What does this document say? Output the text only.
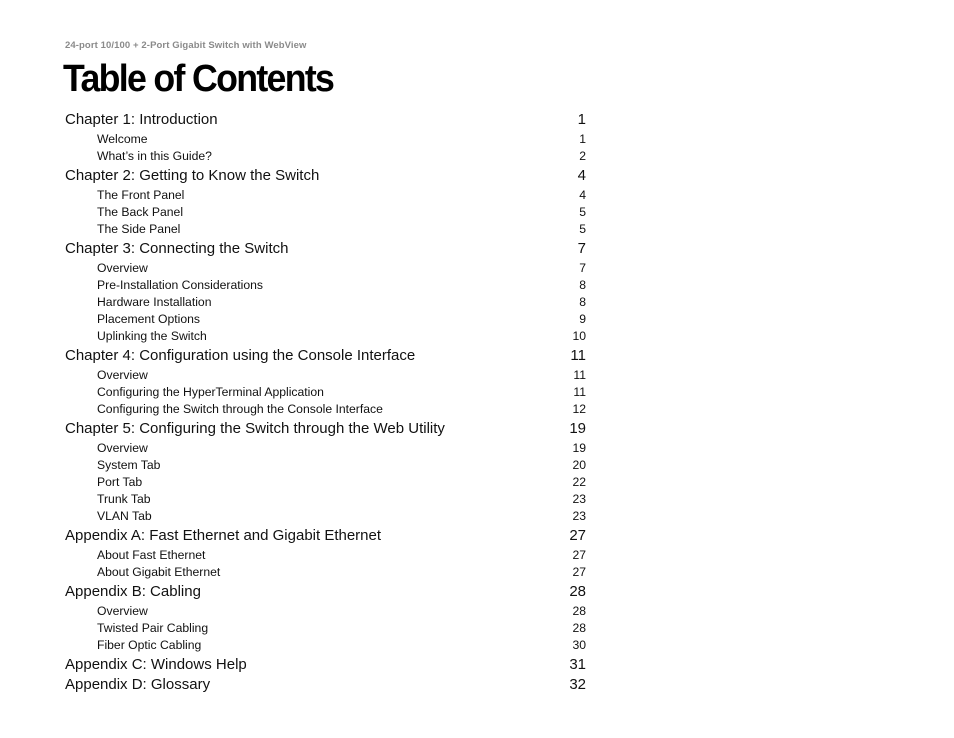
24-port 10/100 + 2-Port Gigabit Switch with WebView
Table of Contents
Chapter 1: Introduction	1
Welcome	1
What’s in this Guide?	2
Chapter 2: Getting to Know the Switch	4
The Front Panel	4
The Back Panel	5
The Side Panel	5
Chapter 3: Connecting the Switch	7
Overview	7
Pre-Installation Considerations	8
Hardware Installation	8
Placement Options	9
Uplinking the Switch	10
Chapter 4: Configuration using the Console Interface	11
Overview	11
Configuring the HyperTerminal Application	11
Configuring the Switch through the Console Interface	12
Chapter 5: Configuring the Switch through the Web Utility	19
Overview	19
System Tab	20
Port Tab	22
Trunk Tab	23
VLAN Tab	23
Appendix A: Fast Ethernet and Gigabit Ethernet	27
About Fast Ethernet	27
About Gigabit Ethernet	27
Appendix B: Cabling	28
Overview	28
Twisted Pair Cabling	28
Fiber Optic Cabling	30
Appendix C: Windows Help	31
Appendix D: Glossary	32
